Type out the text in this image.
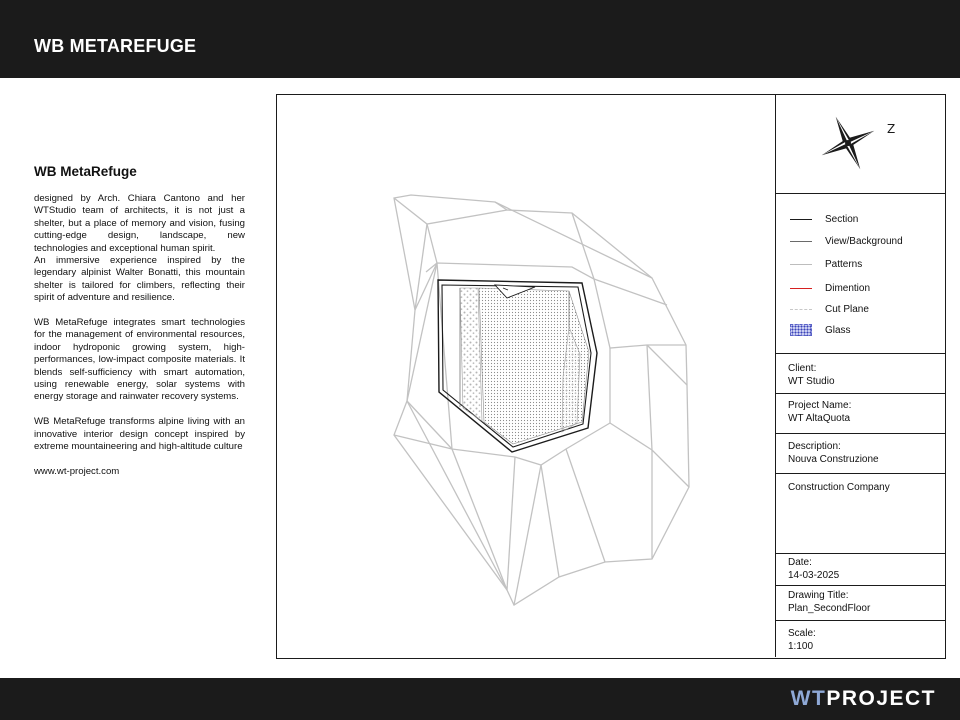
WB METAREFUGE
WB MetaRefuge

designed by Arch. Chiara Cantono and her WTStudio team of architects, it is not just a shelter, but a place of memory and vision, fusing cutting-edge design, landscape, new technologies and exceptional human spirit.

An immersive experience inspired by the legendary alpinist Walter Bonatti, this mountain shelter is tailored for climbers, reflecting their spirit of adventure and resilience.

WB MetaRefuge integrates smart technologies for the management of environmental resources, indoor hydroponic growing system, high-performances, low-impact composite materials. It blends self-sufficiency with smart automation, using renewable energy, solar systems with energy storage and rainwater recovery systems.

WB MetaRefuge transforms alpine living with an innovative interior design concept inspired by extreme mountaineering and high-altitude culture

www.wt-project.com
Z
Section
View/Background
Patterns
Dimention
Cut Plane
Glass
Client:
WT Studio
Project Name:
WT AltaQuota
Description:
Nouva Construzione
Construction Company
Date:
14-03-2025
Drawing Title:
Plan_SecondFloor
Scale:
1:100
WTPROJECT
